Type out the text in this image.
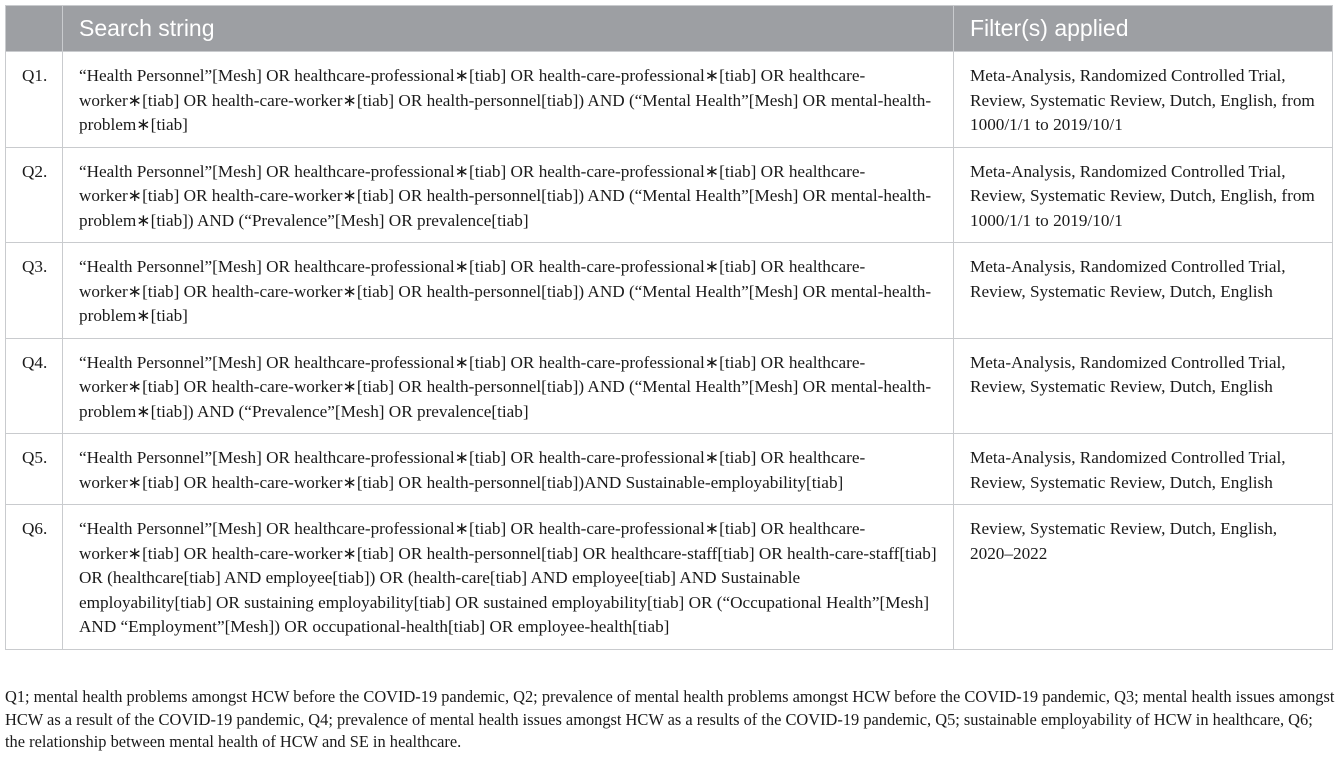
	Search string	Filter(s) applied
Q1.	“Health Personnel”[Mesh] OR healthcare-professional∗[tiab] OR health-care-professional∗[tiab] OR healthcare-worker∗[tiab] OR health-care-worker∗[tiab] OR health-personnel[tiab]) AND (“Mental Health”[Mesh] OR mental-health-problem∗[tiab]	Meta-Analysis, Randomized Controlled Trial, Review, Systematic Review, Dutch, English, from 1000/1/1 to 2019/10/1
Q2.	“Health Personnel”[Mesh] OR healthcare-professional∗[tiab] OR health-care-professional∗[tiab] OR healthcare-worker∗[tiab] OR health-care-worker∗[tiab] OR health-personnel[tiab]) AND (“Mental Health”[Mesh] OR mental-health-problem∗[tiab]) AND (“Prevalence”[Mesh] OR prevalence[tiab]	Meta-Analysis, Randomized Controlled Trial, Review, Systematic Review, Dutch, English, from 1000/1/1 to 2019/10/1
Q3.	“Health Personnel”[Mesh] OR healthcare-professional∗[tiab] OR health-care-professional∗[tiab] OR healthcare-worker∗[tiab] OR health-care-worker∗[tiab] OR health-personnel[tiab]) AND (“Mental Health”[Mesh] OR mental-health-problem∗[tiab]	Meta-Analysis, Randomized Controlled Trial, Review, Systematic Review, Dutch, English
Q4.	“Health Personnel”[Mesh] OR healthcare-professional∗[tiab] OR health-care-professional∗[tiab] OR healthcare-worker∗[tiab] OR health-care-worker∗[tiab] OR health-personnel[tiab]) AND (“Mental Health”[Mesh] OR mental-health-problem∗[tiab]) AND (“Prevalence”[Mesh] OR prevalence[tiab]	Meta-Analysis, Randomized Controlled Trial, Review, Systematic Review, Dutch, English
Q5.	“Health Personnel”[Mesh] OR healthcare-professional∗[tiab] OR health-care-professional∗[tiab] OR healthcare-worker∗[tiab] OR health-care-worker∗[tiab] OR health-personnel[tiab])AND Sustainable-employability[tiab]	Meta-Analysis, Randomized Controlled Trial, Review, Systematic Review, Dutch, English
Q6.	“Health Personnel”[Mesh] OR healthcare-professional∗[tiab] OR health-care-professional∗[tiab] OR healthcare-worker∗[tiab] OR health-care-worker∗[tiab] OR health-personnel[tiab] OR healthcare-staff[tiab] OR health-care-staff[tiab] OR (healthcare[tiab] AND employee[tiab]) OR (health-care[tiab] AND employee[tiab] AND Sustainable employability[tiab] OR sustaining employability[tiab] OR sustained employability[tiab] OR (“Occupational Health”[Mesh] AND “Employment”[Mesh]) OR occupational-health[tiab] OR employee-health[tiab]	Review, Systematic Review, Dutch, English, 2020–2022
Q1; mental health problems amongst HCW before the COVID-19 pandemic, Q2; prevalence of mental health problems amongst HCW before the COVID-19 pandemic, Q3; mental health issues amongst HCW as a result of the COVID-19 pandemic, Q4; prevalence of mental health issues amongst HCW as a results of the COVID-19 pandemic, Q5; sustainable employability of HCW in healthcare, Q6; the relationship between mental health of HCW and SE in healthcare.
